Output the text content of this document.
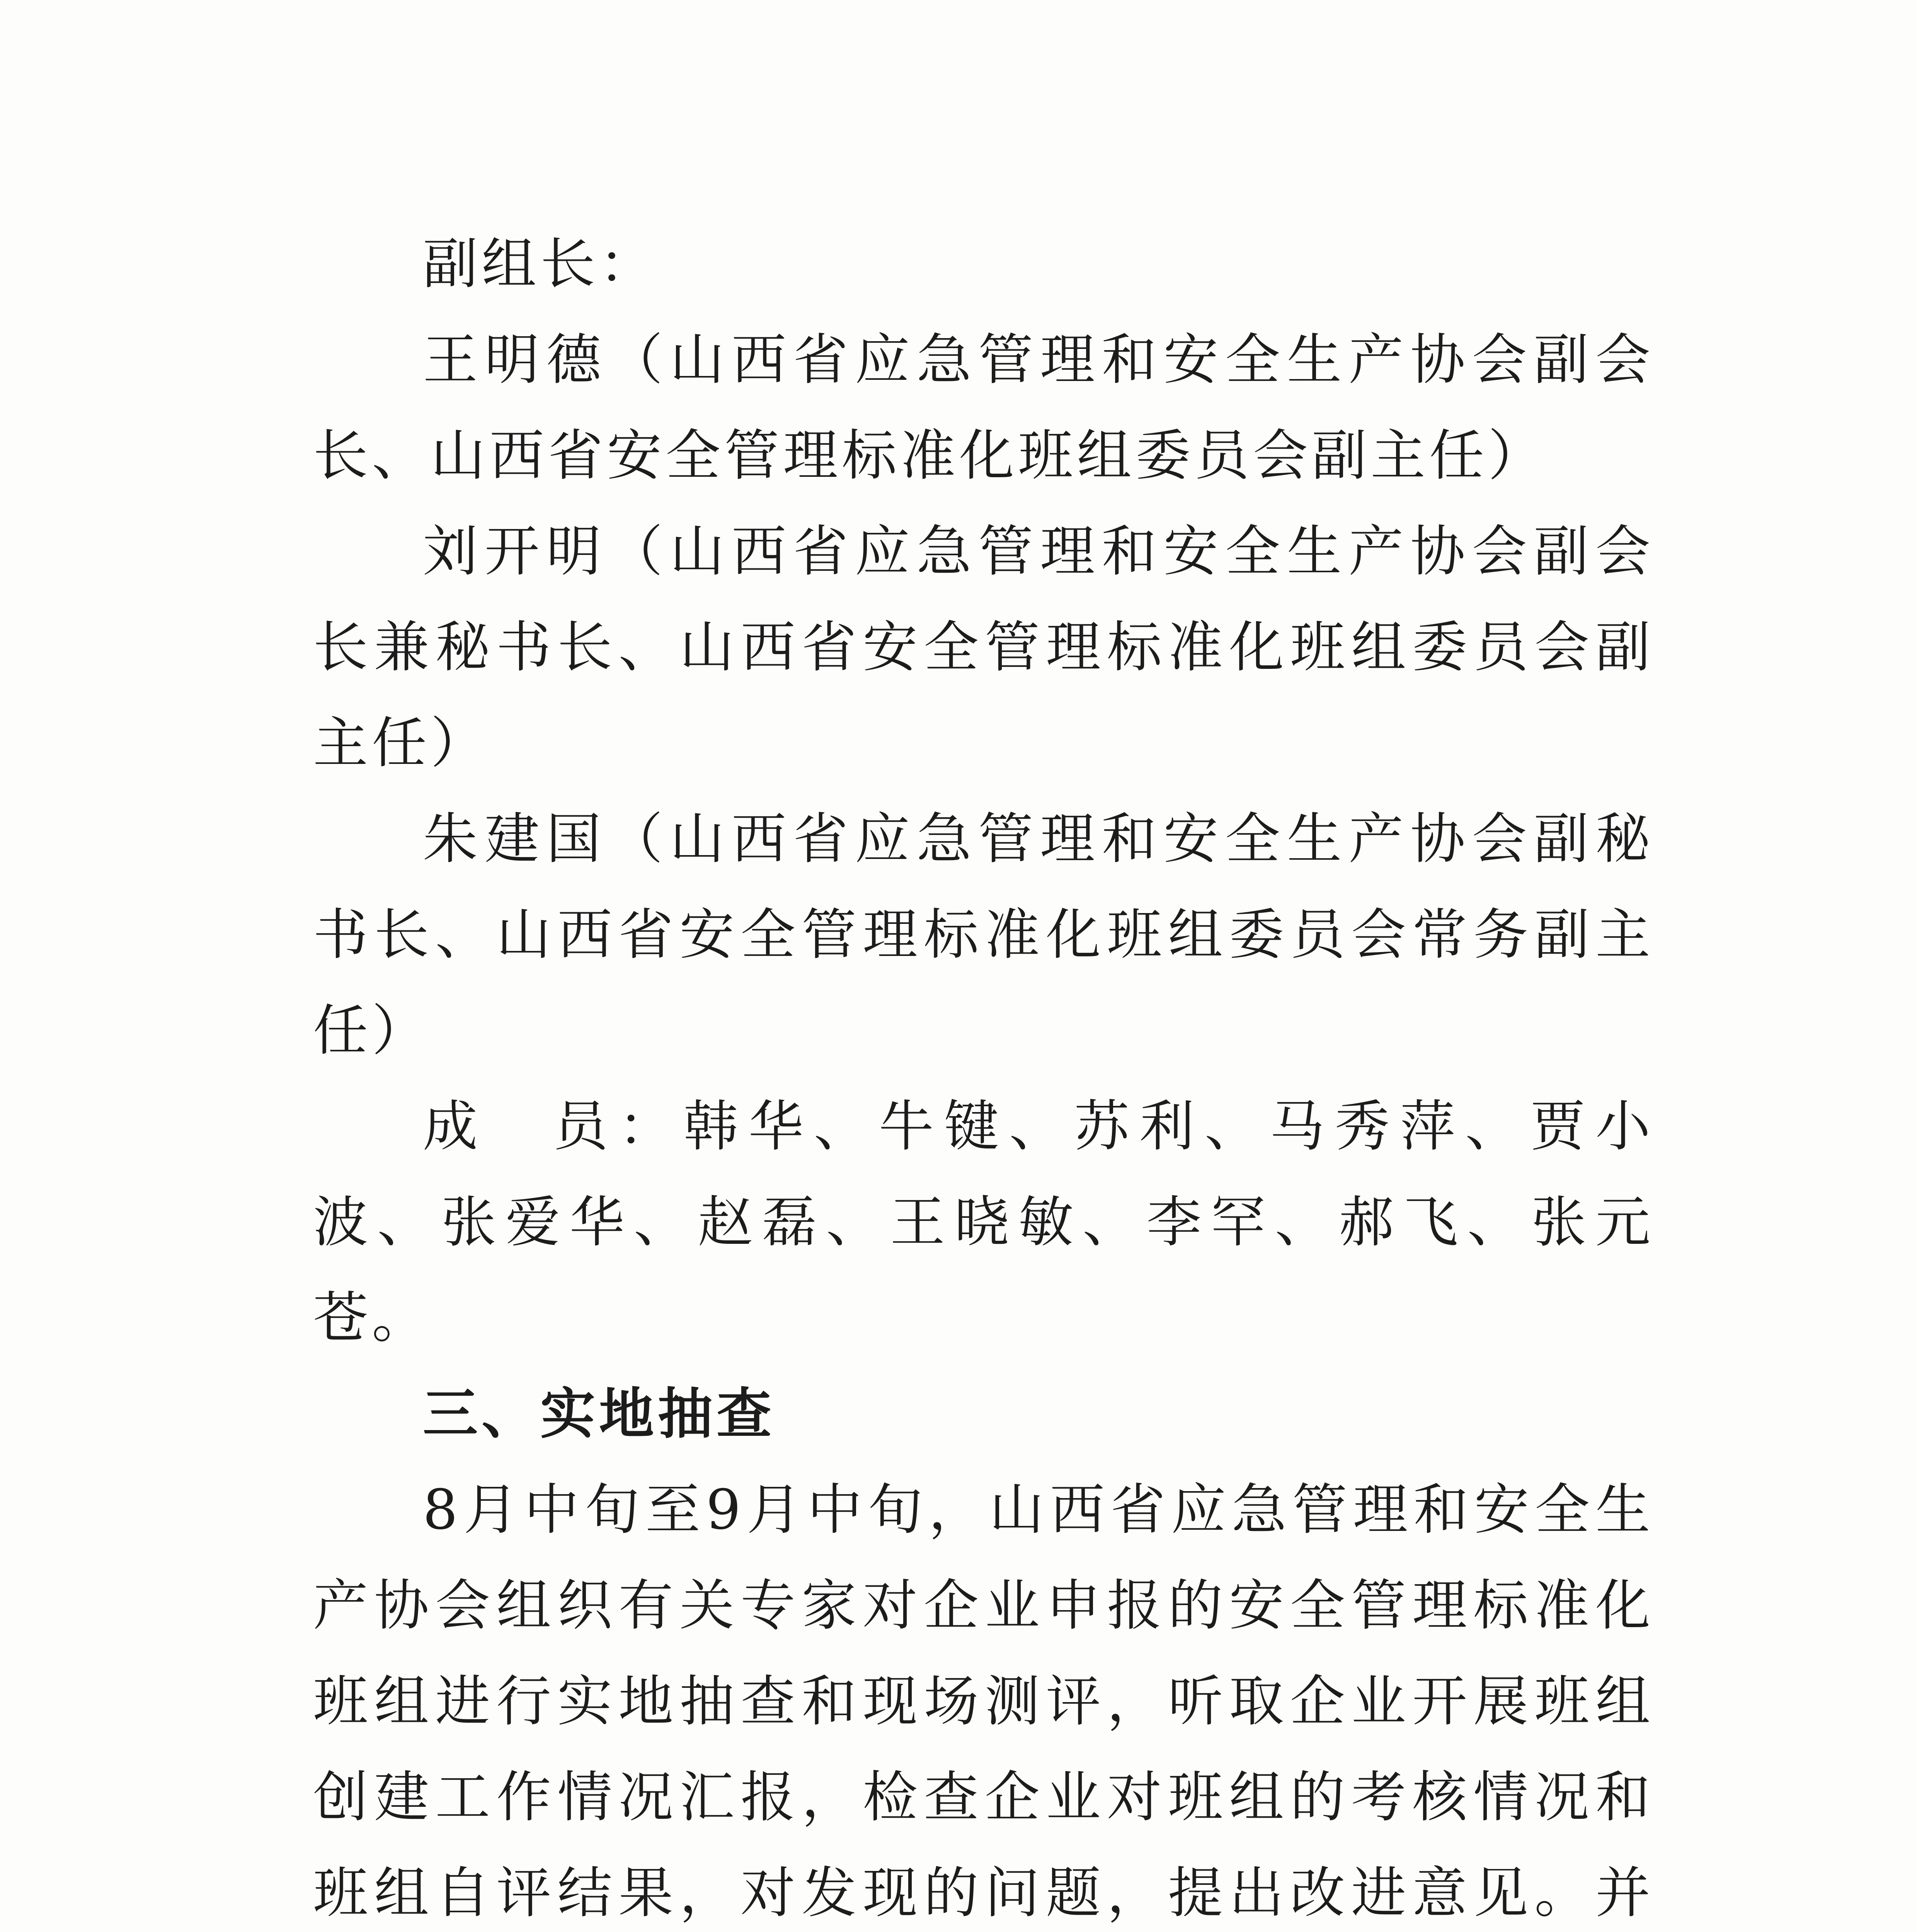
副组长：

王明德（山西省应急管理和安全生产协会副会长、山西省安全管理标准化班组委员会副主任）

刘开明（山西省应急管理和安全生产协会副会长兼秘书长、山西省安全管理标准化班组委员会副主任）

朱建国（山西省应急管理和安全生产协会副秘书长、山西省安全管理标准化班组委员会常务副主任）

成　员：韩华、牛键、苏利、马秀萍、贾小波、张爱华、赵磊、王晓敏、李罕、郝飞、张元苍。

三、实地抽查

8月中旬至9月中旬，山西省应急管理和安全生产协会组织有关专家对企业申报的安全管理标准化班组进行实地抽查和现场测评，听取企业开展班组创建工作情况汇报，检查企业对班组的考核情况和班组自评结果，对发现的问题，提出改进意见。并
